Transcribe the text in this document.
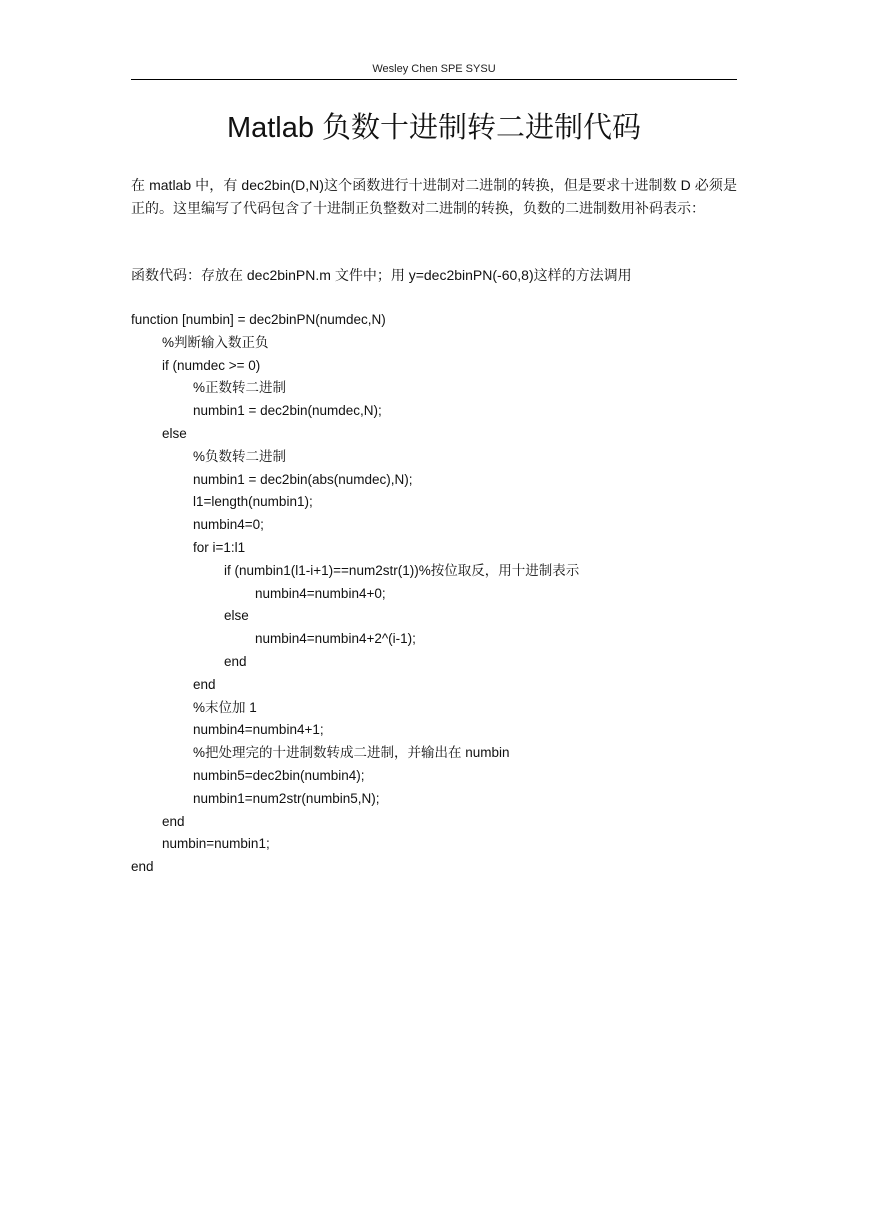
Wesley Chen SPE SYSU
Matlab 负数十进制转二进制代码

在 matlab 中，有 dec2bin(D,N)这个函数进行十进制对二进制的转换，但是要求十进制数 D 必须是正的。这里编写了代码包含了十进制正负整数对二进制的转换，负数的二进制数用补码表示：

函数代码：存放在 dec2binPN.m 文件中；用 y=dec2binPN(-60,8)这样的方法调用
function [numbin] = dec2binPN(numdec,N)
%判断输入数正负
if (numdec >= 0)
%正数转二进制
numbin1 = dec2bin(numdec,N);
else
%负数转二进制
numbin1 = dec2bin(abs(numdec),N);
l1=length(numbin1);
numbin4=0;
for i=1:l1
if (numbin1(l1-i+1)==num2str(1))%按位取反，用十进制表示
numbin4=numbin4+0;
else
numbin4=numbin4+2^(i-1);
end
end
%末位加 1
numbin4=numbin4+1;
%把处理完的十进制数转成二进制，并输出在 numbin
numbin5=dec2bin(numbin4);
numbin1=num2str(numbin5,N);
end
numbin=numbin1;
end
